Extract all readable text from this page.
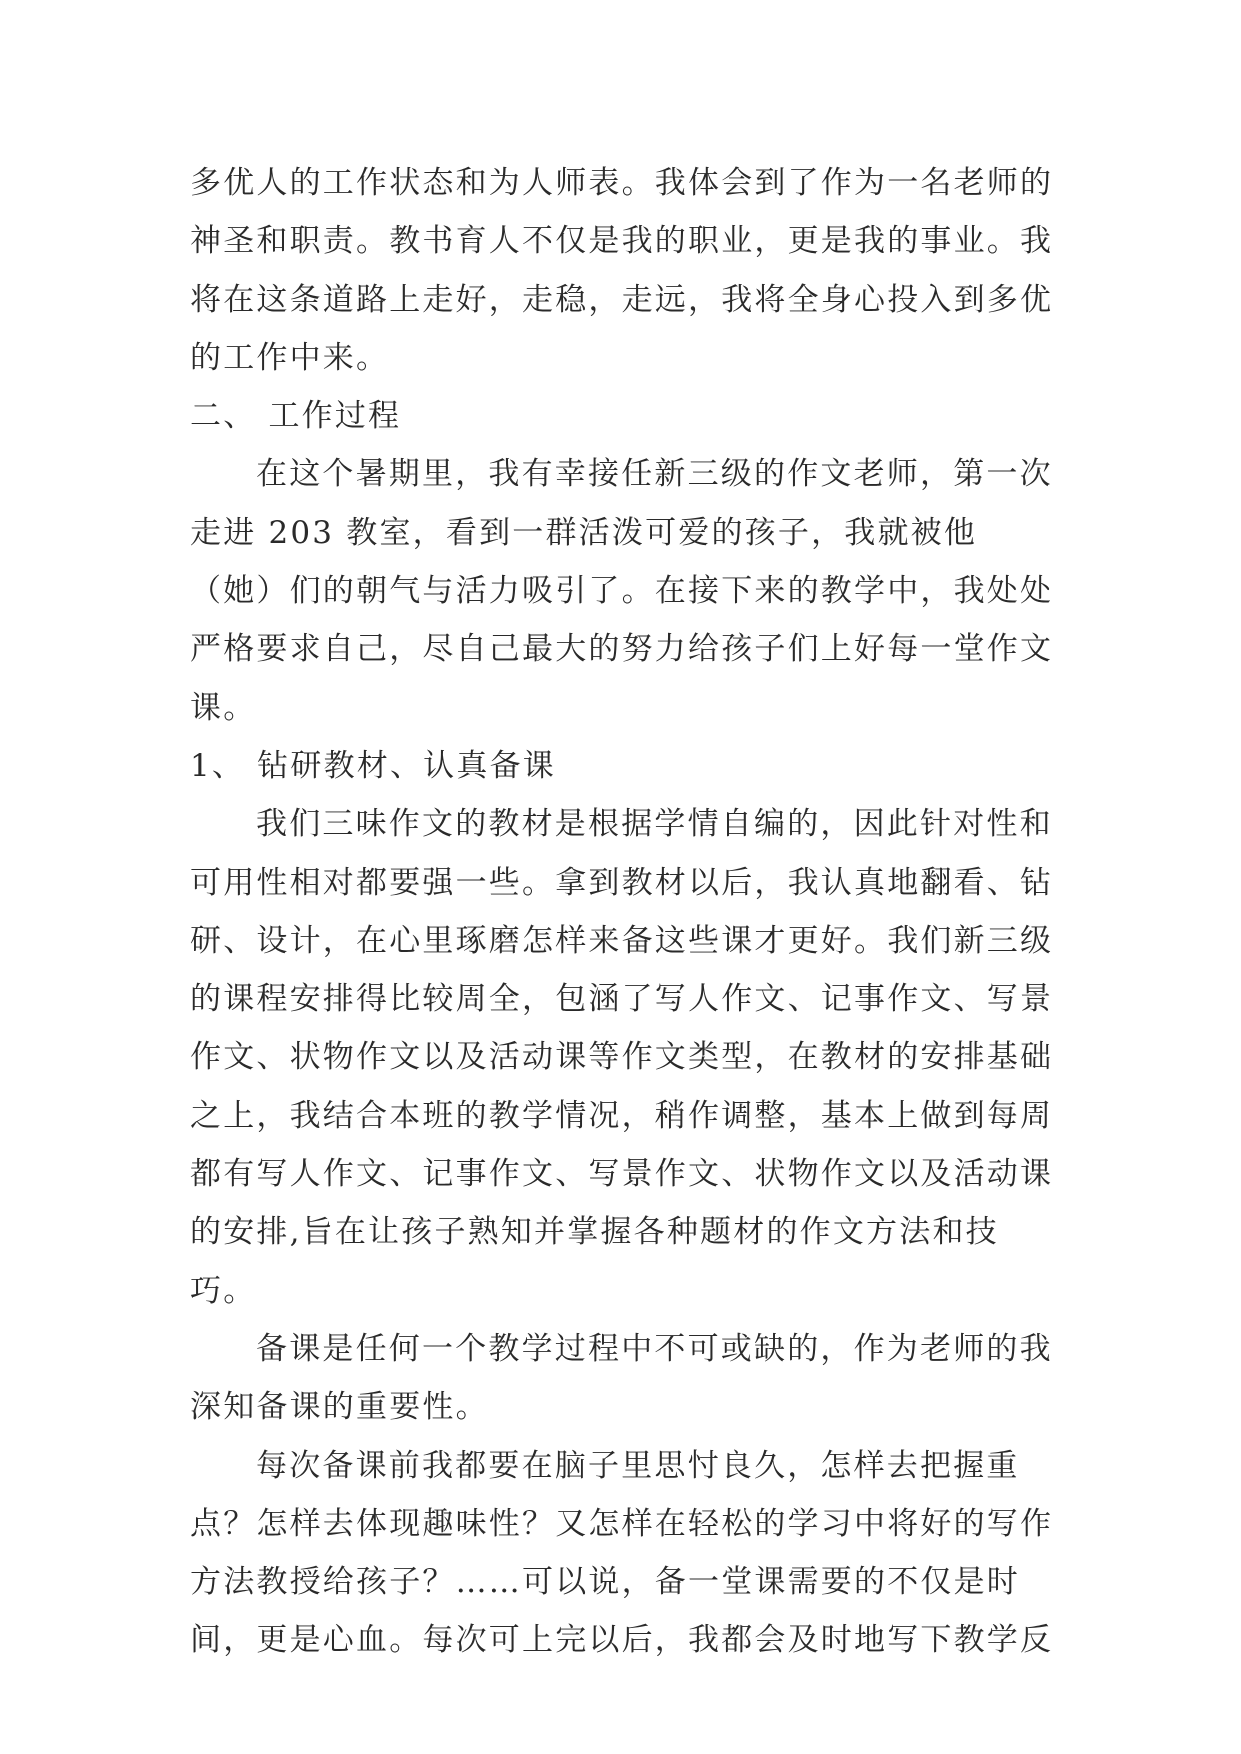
多优人的工作状态和为人师表。我体会到了作为一名老师的神圣和职责。教书育人不仅是我的职业，更是我的事业。我将在这条道路上走好，走稳，走远，我将全身心投入到多优的工作中来。

二、 工作过程

在这个暑期里，我有幸接任新三级的作文老师，第一次走进 203 教室，看到一群活泼可爱的孩子，我就被他（她）们的朝气与活力吸引了。在接下来的教学中，我处处严格要求自己，尽自己最大的努力给孩子们上好每一堂作文课。

1、 钻研教材、认真备课

我们三味作文的教材是根据学情自编的，因此针对性和可用性相对都要强一些。拿到教材以后，我认真地翻看、钻研、设计，在心里琢磨怎样来备这些课才更好。我们新三级的课程安排得比较周全，包涵了写人作文、记事作文、写景作文、状物作文以及活动课等作文类型，在教材的安排基础之上，我结合本班的教学情况，稍作调整，基本上做到每周都有写人作文、记事作文、写景作文、状物作文以及活动课的安排,旨在让孩子熟知并掌握各种题材的作文方法和技巧。

备课是任何一个教学过程中不可或缺的，作为老师的我深知备课的重要性。

每次备课前我都要在脑子里思忖良久，怎样去把握重点？怎样去体现趣味性？又怎样在轻松的学习中将好的写作方法教授给孩子？……可以说，备一堂课需要的不仅是时间，更是心血。每次可上完以后，我都会及时地写下教学反
